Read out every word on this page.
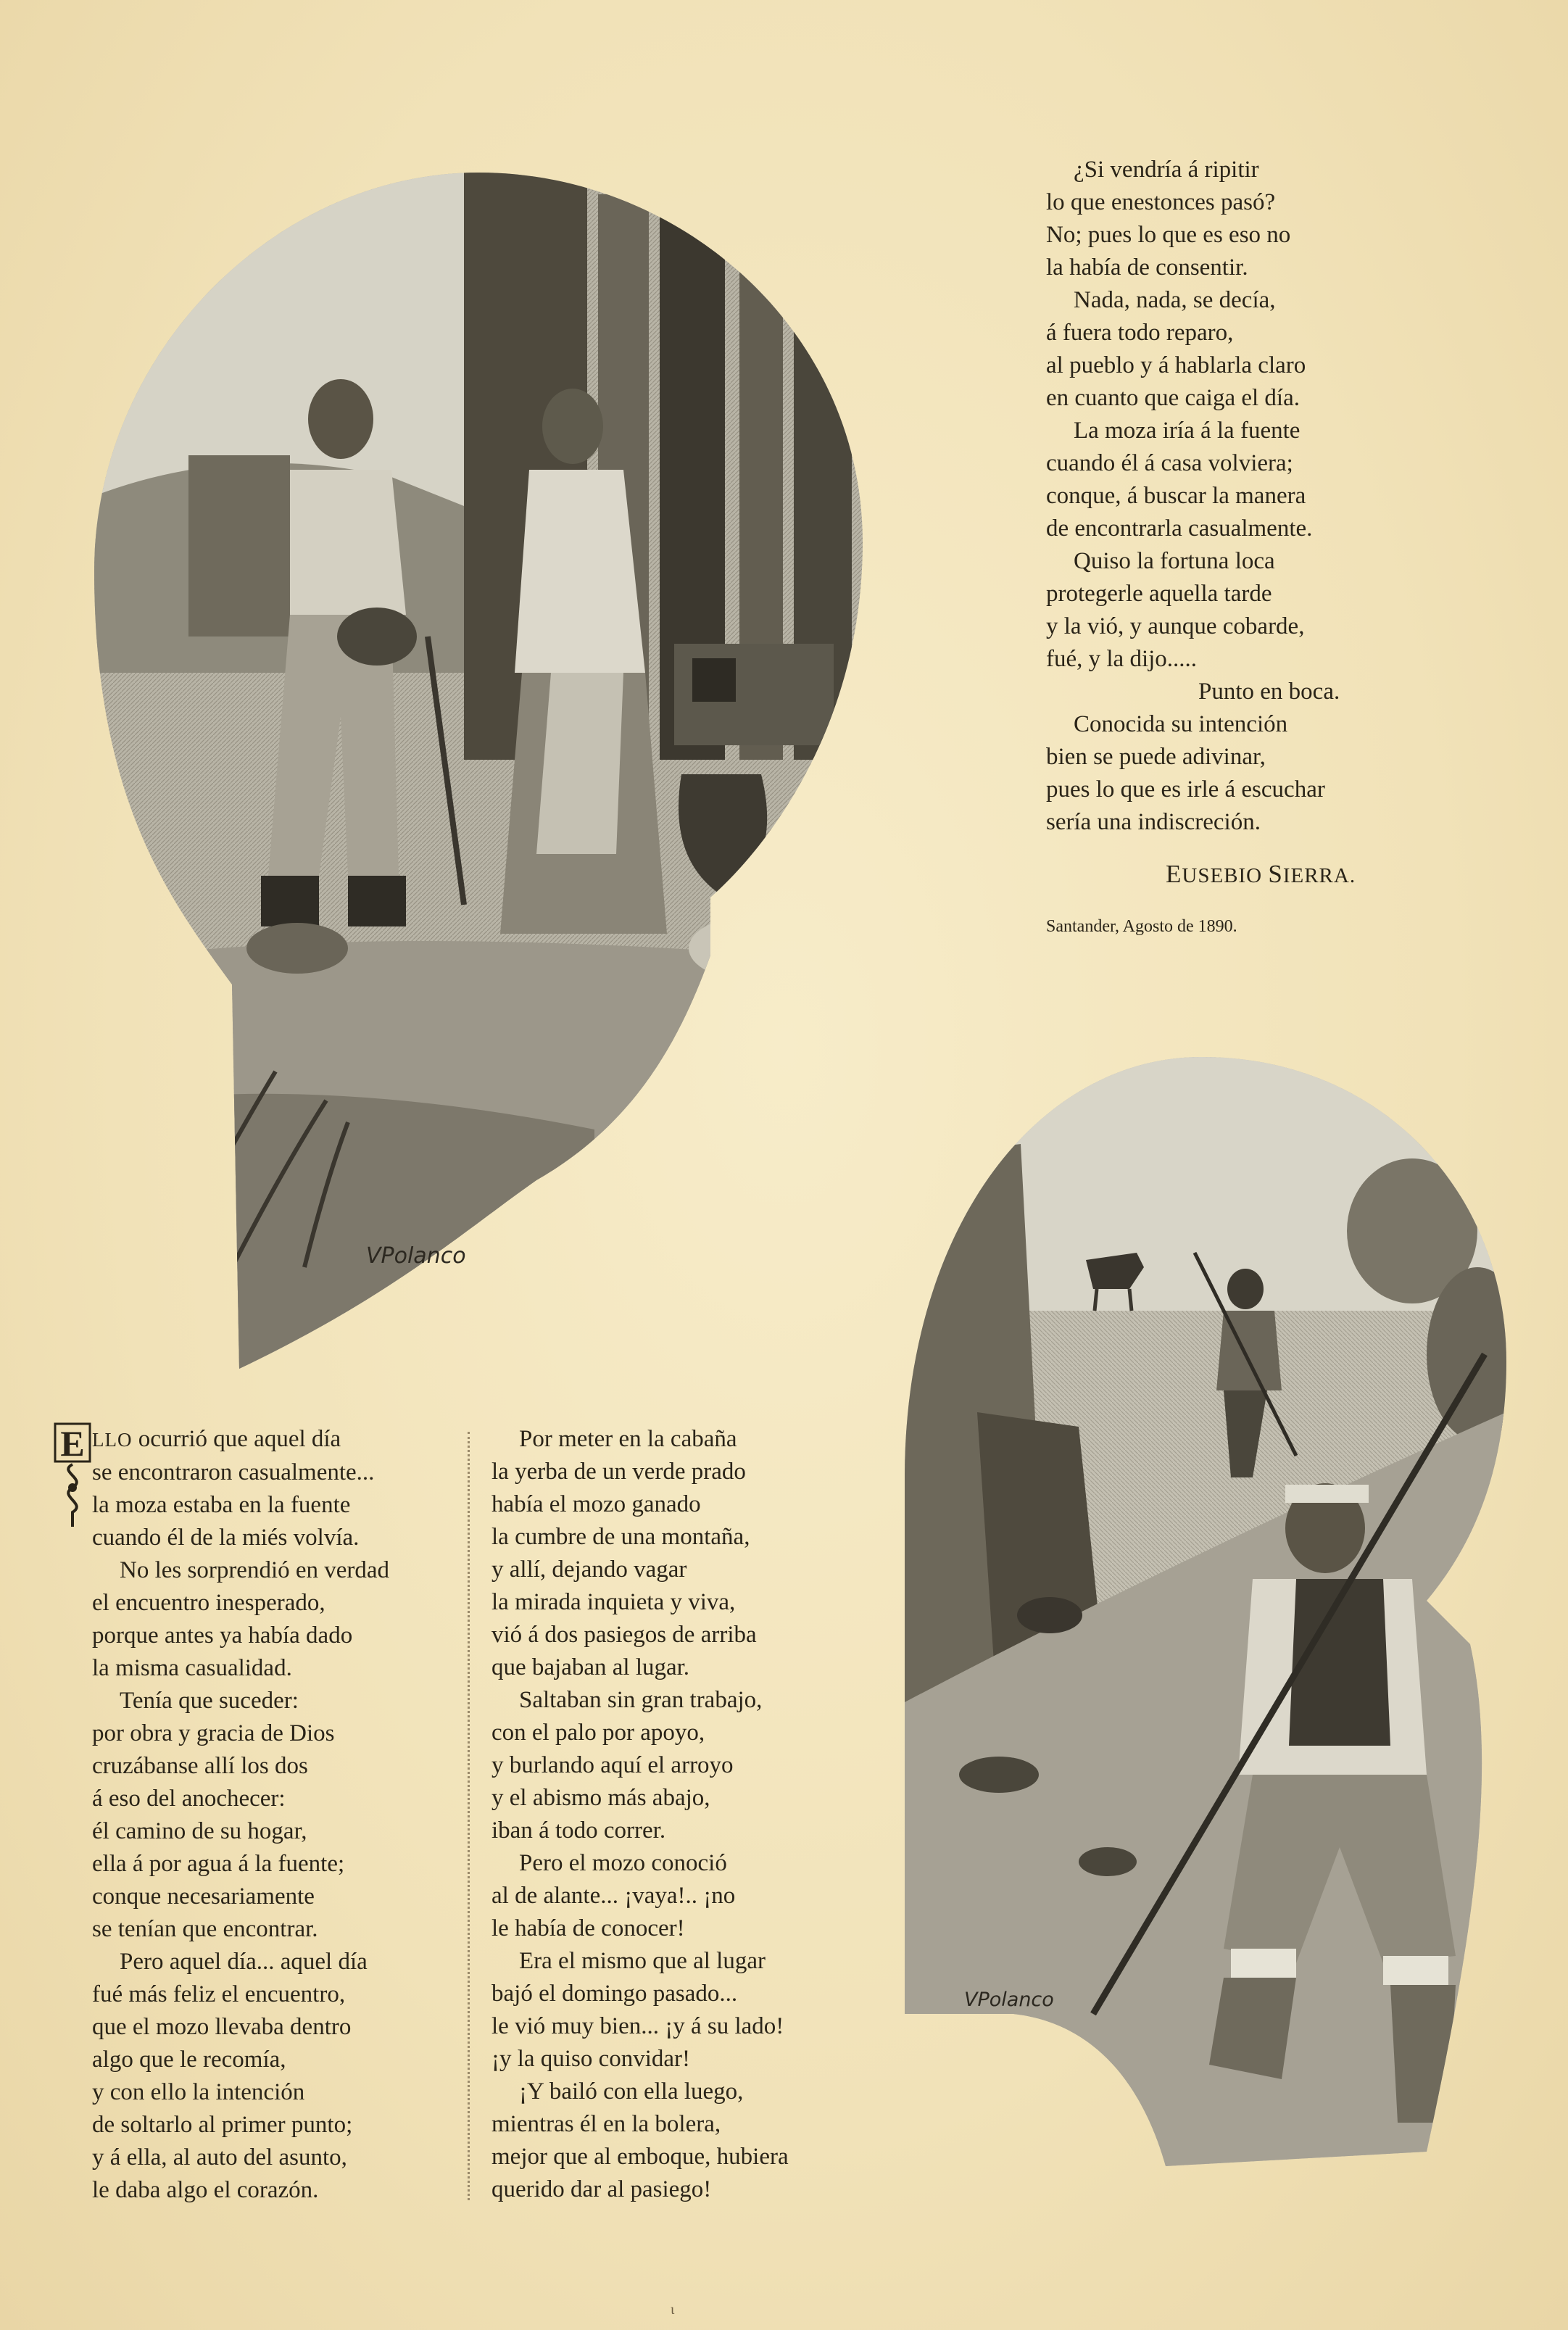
VPolanco
VPolanco

¿Si vendría á ripitir

lo que enestonces pasó?

No; pues lo que es eso no

la había de consentir.

Nada, nada, se decía,

á fuera todo reparo,

al pueblo y á hablarla claro

en cuanto que caiga el día.

La moza iría á la fuente

cuando él á casa volviera;

conque, á buscar la manera

de encontrarla casualmente.

Quiso la fortuna loca

protegerle aquella tarde

y la vió, y aunque cobarde,

fué, y la dijo.....

Punto en boca.

Conocida su intención

bien se puede adivinar,

pues lo que es irle á escuchar

sería una indiscreción.

EUSEBIO SIERRA.
Santander, Agosto de 1890.
E LLO ocurrió que aquel día

se encontraron casualmente...

la moza estaba en la fuente

cuando él de la miés volvía.

No les sorprendió en verdad

el encuentro inesperado,

porque antes ya había dado

la misma casualidad.

Tenía que suceder:

por obra y gracia de Dios

cruzábanse allí los dos

á eso del anochecer:

él camino de su hogar,

ella á por agua á la fuente;

conque necesariamente

se tenían que encontrar.

Pero aquel día... aquel día

fué más feliz el encuentro,

que el mozo llevaba dentro

algo que le recomía,

y con ello la intención

de soltarlo al primer punto;

y á ella, al auto del asunto,

le daba algo el corazón.

Por meter en la cabaña

la yerba de un verde prado

había el mozo ganado

la cumbre de una montaña,

y allí, dejando vagar

la mirada inquieta y viva,

vió á dos pasiegos de arriba

que bajaban al lugar.

Saltaban sin gran trabajo,

con el palo por apoyo,

y burlando aquí el arroyo

y el abismo más abajo,

iban á todo correr.

Pero el mozo conoció

al de alante... ¡vaya!.. ¡no

le había de conocer!

Era el mismo que al lugar

bajó el domingo pasado...

le vió muy bien... ¡y á su lado!

¡y la quiso convidar!

¡Y bailó con ella luego,

mientras él en la bolera,

mejor que al emboque, hubiera

querido dar al pasiego!

ɩ
